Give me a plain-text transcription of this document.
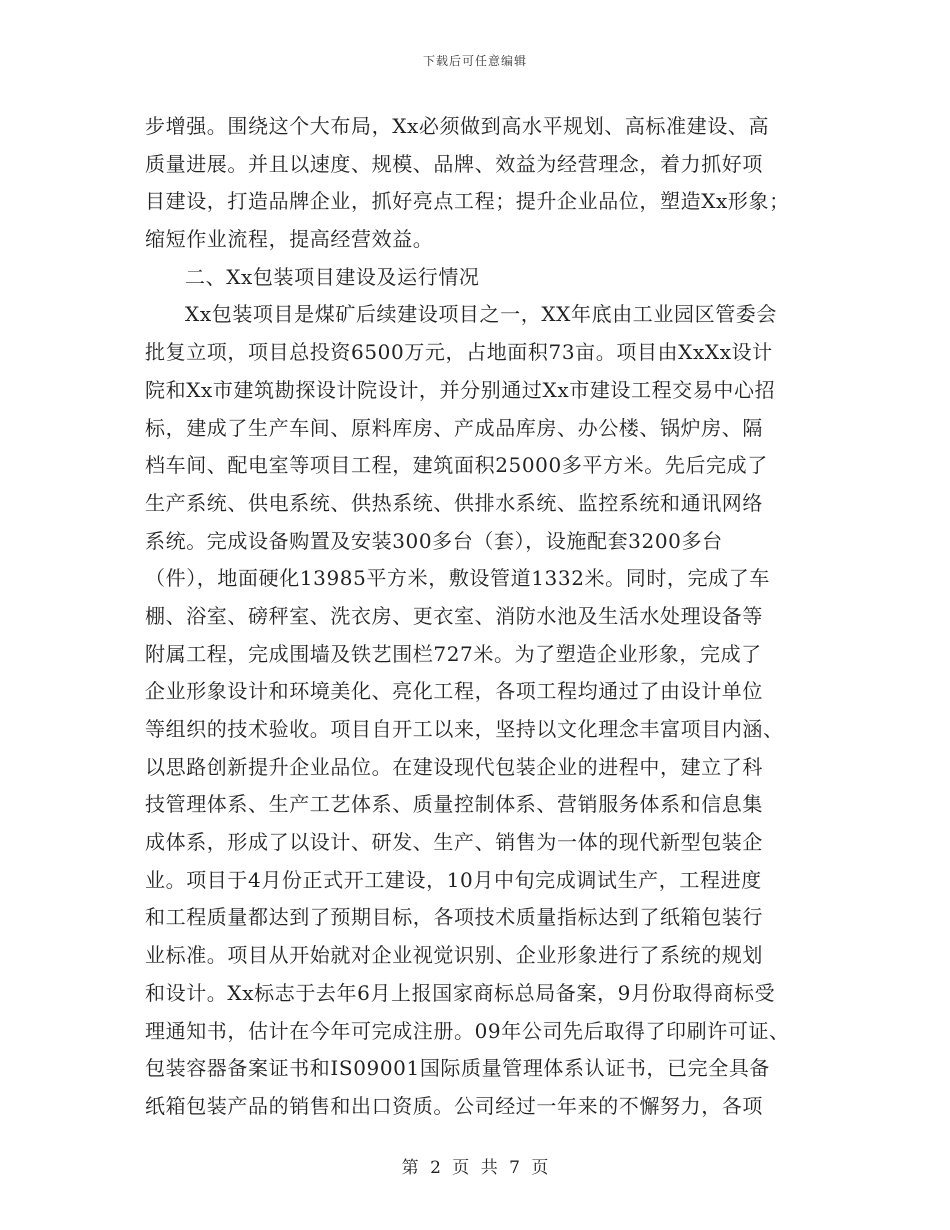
下载后可任意编辑
步增强。围绕这个大布局，Xx必须做到高水平规划、高标准建设、高
质量进展。并且以速度、规模、品牌、效益为经营理念，着力抓好项
目建设，打造品牌企业，抓好亮点工程；提升企业品位，塑造Xx形象；
缩短作业流程，提高经营效益。
二、Xx包装项目建设及运行情况
Xx包装项目是煤矿后续建设项目之一，XX年底由工业园区管委会
批复立项，项目总投资6500万元，占地面积73亩。项目由XxXx设计
院和Xx市建筑勘探设计院设计，并分别通过Xx市建设工程交易中心招
标，建成了生产车间、原料库房、产成品库房、办公楼、锅炉房、隔
档车间、配电室等项目工程，建筑面积25000多平方米。先后完成了
生产系统、供电系统、供热系统、供排水系统、监控系统和通讯网络
系统。完成设备购置及安装300多台（套），设施配套3200多台
（件），地面硬化13985平方米，敷设管道1332米。同时，完成了车
棚、浴室、磅秤室、洗衣房、更衣室、消防水池及生活水处理设备等
附属工程，完成围墙及铁艺围栏727米。为了塑造企业形象，完成了
企业形象设计和环境美化、亮化工程，各项工程均通过了由设计单位
等组织的技术验收。项目自开工以来，坚持以文化理念丰富项目内涵、
以思路创新提升企业品位。在建设现代包装企业的进程中，建立了科
技管理体系、生产工艺体系、质量控制体系、营销服务体系和信息集
成体系，形成了以设计、研发、生产、销售为一体的现代新型包装企
业。项目于4月份正式开工建设，10月中旬完成调试生产，工程进度
和工程质量都达到了预期目标，各项技术质量指标达到了纸箱包装行
业标准。项目从开始就对企业视觉识别、企业形象进行了系统的规划
和设计。Xx标志于去年6月上报国家商标总局备案，9月份取得商标受
理通知书，估计在今年可完成注册。09年公司先后取得了印刷许可证、
包装容器备案证书和IS09001国际质量管理体系认证书，已完全具备
纸箱包装产品的销售和出口资质。公司经过一年来的不懈努力，各项
第 2 页 共 7 页
